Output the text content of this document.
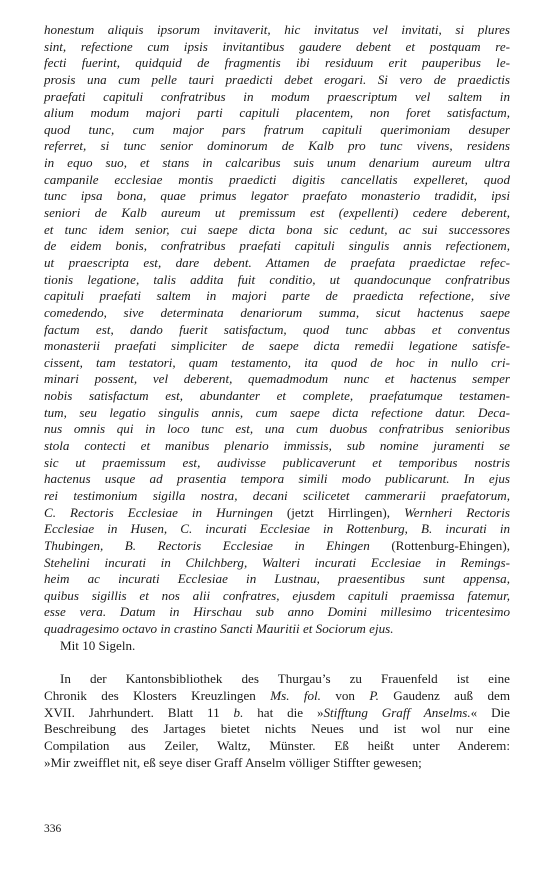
honestum aliquis ipsorum invitaverit, hic invitatus vel invitati, si plures
sint, refectione cum ipsis invitantibus gaudere debent et postquam re-
fecti fuerint, quidquid de fragmentis ibi residuum erit pauperibus le-
prosis una cum pelle tauri praedicti debet erogari. Si vero de praedictis
praefati capituli confratribus in modum praescriptum vel saltem in
alium modum majori parti capituli placentem, non foret satisfactum,
quod tunc, cum major pars fratrum capituli querimoniam desuper
referret, si tunc senior dominorum de Kalb pro tunc vivens, residens
in equo suo, et stans in calcaribus suis unum denarium aureum ultra
campanile ecclesiae montis praedicti digitis cancellatis expelleret, quod
tunc ipsa bona, quae primus legator praefato monasterio tradidit, ipsi
seniori de Kalb aureum ut premissum est (expellenti) cedere deberent,
et tunc idem senior, cui saepe dicta bona sic cedunt, ac sui successores
de eidem bonis, confratribus praefati capituli singulis annis refectionem,
ut praescripta est, dare debent. Attamen de praefata praedictae refec-
tionis legatione, talis addita fuit conditio, ut quandocunque confratribus
capituli praefati saltem in majori parte de praedicta refectione, sive
comedendo, sive determinata denariorum summa, sicut hactenus saepe
factum est, dando fuerit satisfactum, quod tunc abbas et conventus
monasterii praefati simpliciter de saepe dicta remedii legatione satisfe-
cissent, tam testatori, quam testamento, ita quod de hoc in nullo cri-
minari possent, vel deberent, quemadmodum nunc et hactenus semper
nobis satisfactum est, abundanter et complete, praefatumque testamen-
tum, seu legatio singulis annis, cum saepe dicta refectione datur. Deca-
nus omnis qui in loco tunc est, una cum duobus confratribus senioribus
stola contecti et manibus plenario immissis, sub nomine juramenti se
sic ut praemissum est, audivisse publicaverunt et temporibus nostris
hactenus usque ad prasentia tempora simili modo publicarunt. In ejus
rei testimonium sigilla nostra, decani scilicetet cammerarii praefatorum,
C. Rectoris Ecclesiae in Hurningen (jetzt Hirrlingen), Wernheri Rectoris
Ecclesiae in Husen, C. incurati Ecclesiae in Rottenburg, B. incurati in
Thubingen, B. Rectoris Ecclesiae in Ehingen (Rottenburg-Ehingen),
Stehelini incurati in Chilchberg, Walteri incurati Ecclesiae in Remings-
heim ac incurati Ecclesiae in Lustnau, praesentibus sunt appensa,
quibus sigillis et nos alii confratres, ejusdem capituli praemissa fatemur,
esse vera. Datum in Hirschau sub anno Domini millesimo tricentesimo
quadragesimo octavo in crastino Sancti Mauritii et Sociorum ejus.
Mit 10 Sigeln.
In der Kantonsbibliothek des Thurgau’s zu Frauenfeld ist eine
Chronik des Klosters Kreuzlingen Ms. fol. von P. Gaudenz auß dem
XVII. Jahrhundert. Blatt 11 b. hat die »Stifftung Graff Anselms.« Die
Beschreibung des Jartages bietet nichts Neues und ist wol nur eine
Compilation aus Zeiler, Waltz, Münster. Eß heißt unter Anderem:
»Mir zweifflet nit, eß seye diser Graff Anselm völliger Stiffter gewesen;
336
